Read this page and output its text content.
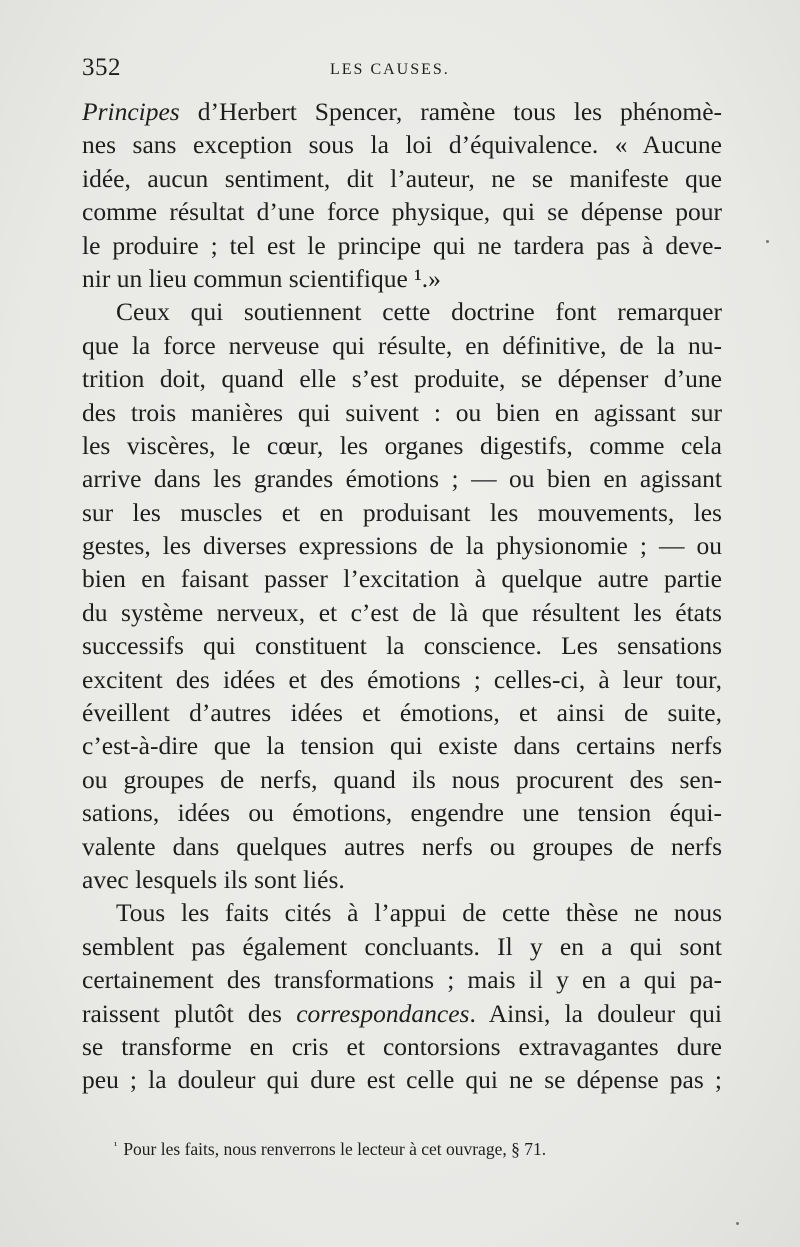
352	LES CAUSES.
Principes d’Herbert Spencer, ramène tous les phénomè-
nes sans exception sous la loi d’équivalence. « Aucune
idée, aucun sentiment, dit l’auteur, ne se manifeste que
comme résultat d’une force physique, qui se dépense pour
le produire ; tel est le principe qui ne tardera pas à deve-
nir un lieu commun scientifique ¹.»
Ceux qui soutiennent cette doctrine font remarquer
que la force nerveuse qui résulte, en définitive, de la nu-
trition doit, quand elle s’est produite, se dépenser d’une
des trois manières qui suivent : ou bien en agissant sur
les viscères, le cœur, les organes digestifs, comme cela
arrive dans les grandes émotions ; — ou bien en agissant
sur les muscles et en produisant les mouvements, les
gestes, les diverses expressions de la physionomie ; — ou
bien en faisant passer l’excitation à quelque autre partie
du système nerveux, et c’est de là que résultent les états
successifs qui constituent la conscience. Les sensations
excitent des idées et des émotions ; celles-ci, à leur tour,
éveillent d’autres idées et émotions, et ainsi de suite,
c’est-à-dire que la tension qui existe dans certains nerfs
ou groupes de nerfs, quand ils nous procurent des sen-
sations, idées ou émotions, engendre une tension équi-
valente dans quelques autres nerfs ou groupes de nerfs
avec lesquels ils sont liés.
Tous les faits cités à l’appui de cette thèse ne nous
semblent pas également concluants. Il y en a qui sont
certainement des transformations ; mais il y en a qui pa-
raissent plutôt des correspondances. Ainsi, la douleur qui
se transforme en cris et contorsions extravagantes dure
peu ; la douleur qui dure est celle qui ne se dépense pas ;
$^{^1}$ Pour les faits, nous renverrons le lecteur à cet ouvrage, § 71.
